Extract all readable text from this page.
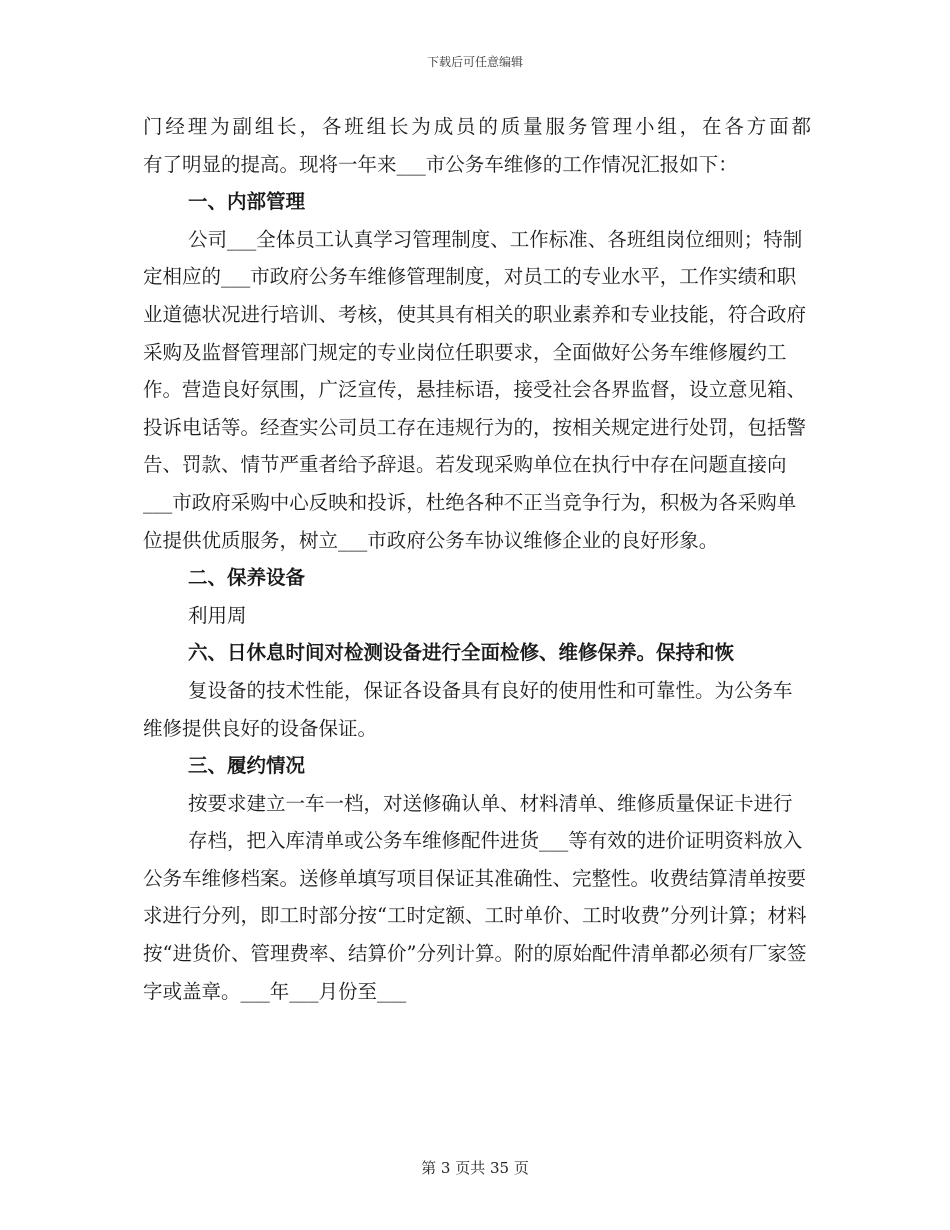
下载后可任意编辑

门经理为副组长，各班组长为成员的质量服务管理小组，在各方面都

有了明显的提高。现将一年来___市公务车维修的工作情况汇报如下：

一、内部管理

公司___全体员工认真学习管理制度、工作标准、各班组岗位细则；特制定相应的___市政府公务车维修管理制度，对员工的专业水平，工作实绩和职业道德状况进行培训、考核，使其具有相关的职业素养和专业技能，符合政府采购及监督管理部门规定的专业岗位任职要求，全面做好公务车维修履约工作。营造良好氛围，广泛宣传，悬挂标语，接受社会各界监督，设立意见箱、投诉电话等。经查实公司员工存在违规行为的，按相关规定进行处罚，包括警告、罚款、情节严重者给予辞退。若发现采购单位在执行中存在问题直接向___市政府采购中心反映和投诉，杜绝各种不正当竞争行为，积极为各采购单位提供优质服务，树立___市政府公务车协议维修企业的良好形象。

二、保养设备

利用周

六、日休息时间对检测设备进行全面检修、维修保养。保持和恢

复设备的技术性能，保证各设备具有良好的使用性和可靠性。为公务车维修提供良好的设备保证。

三、履约情况

按要求建立一车一档，对送修确认单、材料清单、维修质量保证卡进行

存档，把入库清单或公务车维修配件进货___等有效的进价证明资料放入公务车维修档案。送修单填写项目保证其准确性、完整性。收费结算清单按要求进行分列，即工时部分按“工时定额、工时单价、工时收费”分列计算；材料按“进货价、管理费率、结算价”分列计算。附的原始配件清单都必须有厂家签字或盖章。___年___月份至___

第 3 页共 35 页
